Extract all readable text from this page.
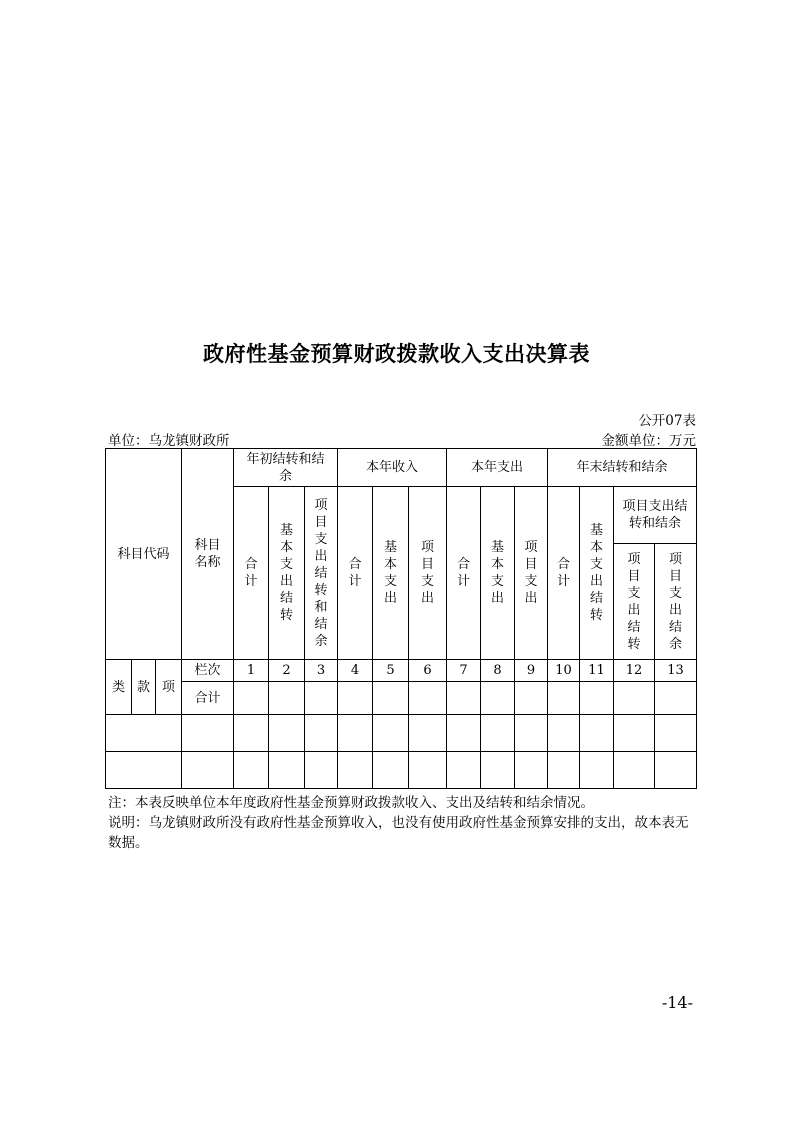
政府性基金预算财政拨款收入支出决算表
公开07表
单位：乌龙镇财政所	金额单位：万元
科目代码			科目名称	年初结转和结余			本年收入			本年支出			年末结转和结余			
				合计	基本支出结转	项目支出结转和结余	合计	基本支出	项目支出	合计	基本支出	项目支出	合计	基本支出结转	项目支出结转和结余	
															项目支出结转	项目支出结余

类	款	项	栏次	1	2	3	4	5	6	7	8	9	10	11	12	13
			合计													

注：本表反映单位本年度政府性基金预算财政拨款收入、支出及结转和结余情况。

说明：乌龙镇财政所没有政府性基金预算收入，也没有使用政府性基金预算安排的支出，故本表无数据。

-14-
